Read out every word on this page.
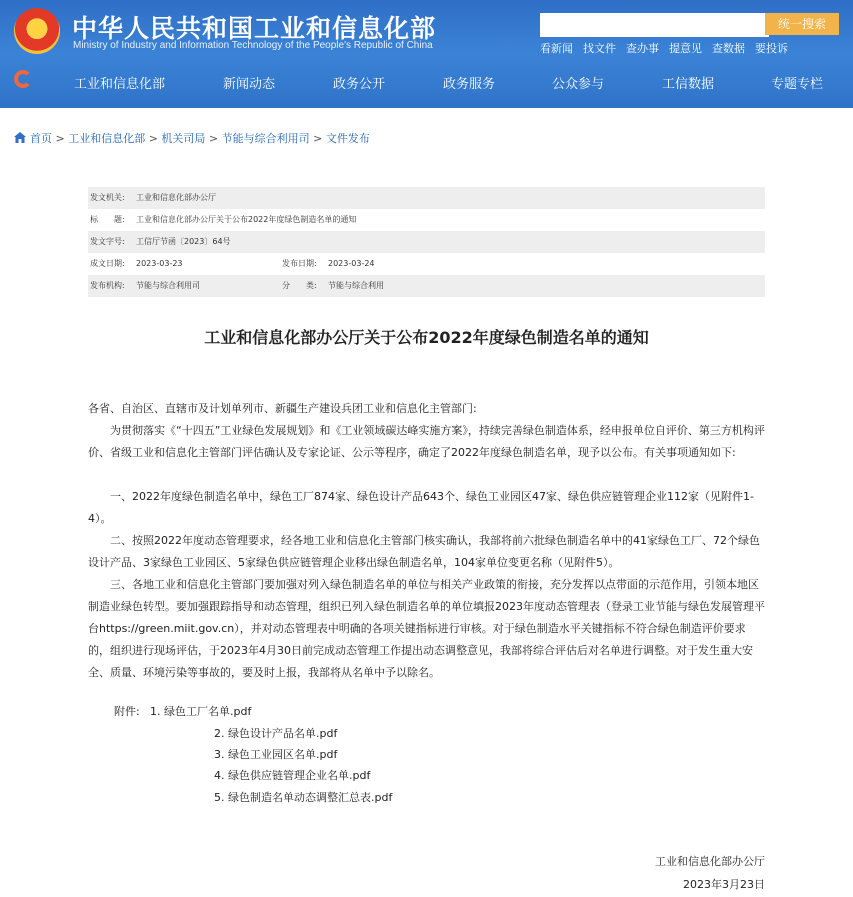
★
中华人民共和国工业和信息化部
Ministry of Industry and Information Technology of the People's Republic of China
统一搜索
看新闻 找文件 查办事 提意见 查数据 要投诉
工业和信息化部	新闻动态	政务公开	政务服务	公众参与	工信数据	专题专栏
首页 > 工业和信息化部 > 机关司局 > 节能与综合利用司 > 文件发布
发文机关: 工业和信息化部办公厅
标　　题: 工业和信息化部办公厅关于公布2022年度绿色制造名单的通知
发文字号: 工信厅节函〔2023〕64号
成文日期: 2023-03-23	发布日期: 2023-03-24
发布机构: 节能与综合利用司	分　　类: 节能与综合利用
工业和信息化部办公厅关于公布2022年度绿色制造名单的通知
各省、自治区、直辖市及计划单列市、新疆生产建设兵团工业和信息化主管部门:
为贯彻落实《“十四五”工业绿色发展规划》和《工业领域碳达峰实施方案》，持续完善绿色制造体系，经申报单位自评价、第三方机构评价、省级工业和信息化主管部门评估确认及专家论证、公示等程序，确定了2022年度绿色制造名单，现予以公布。有关事项通知如下:
一、2022年度绿色制造名单中，绿色工厂874家、绿色设计产品643个、绿色工业园区47家、绿色供应链管理企业112家（见附件1-4）。
二、按照2022年度动态管理要求，经各地工业和信息化主管部门核实确认，我部将前六批绿色制造名单中的41家绿色工厂、72个绿色设计产品、3家绿色工业园区、5家绿色供应链管理企业移出绿色制造名单，104家单位变更名称（见附件5）。
三、各地工业和信息化主管部门要加强对列入绿色制造名单的单位与相关产业政策的衔接，充分发挥以点带面的示范作用，引领本地区制造业绿色转型。要加强跟踪指导和动态管理，组织已列入绿色制造名单的单位填报2023年度动态管理表（登录工业节能与绿色发展管理平台https://green.miit.gov.cn），并对动态管理表中明确的各项关键指标进行审核。对于绿色制造水平关键指标不符合绿色制造评价要求的，组织进行现场评估，于2023年4月30日前完成动态管理工作提出动态调整意见，我部将综合评估后对名单进行调整。对于发生重大安全、质量、环境污染等事故的，要及时上报，我部将从名单中予以除名。
附件: 1. 绿色工厂名单.pdf
2. 绿色设计产品名单.pdf
3. 绿色工业园区名单.pdf
4. 绿色供应链管理企业名单.pdf
5. 绿色制造名单动态调整汇总表.pdf
工业和信息化部办公厅
2023年3月23日
